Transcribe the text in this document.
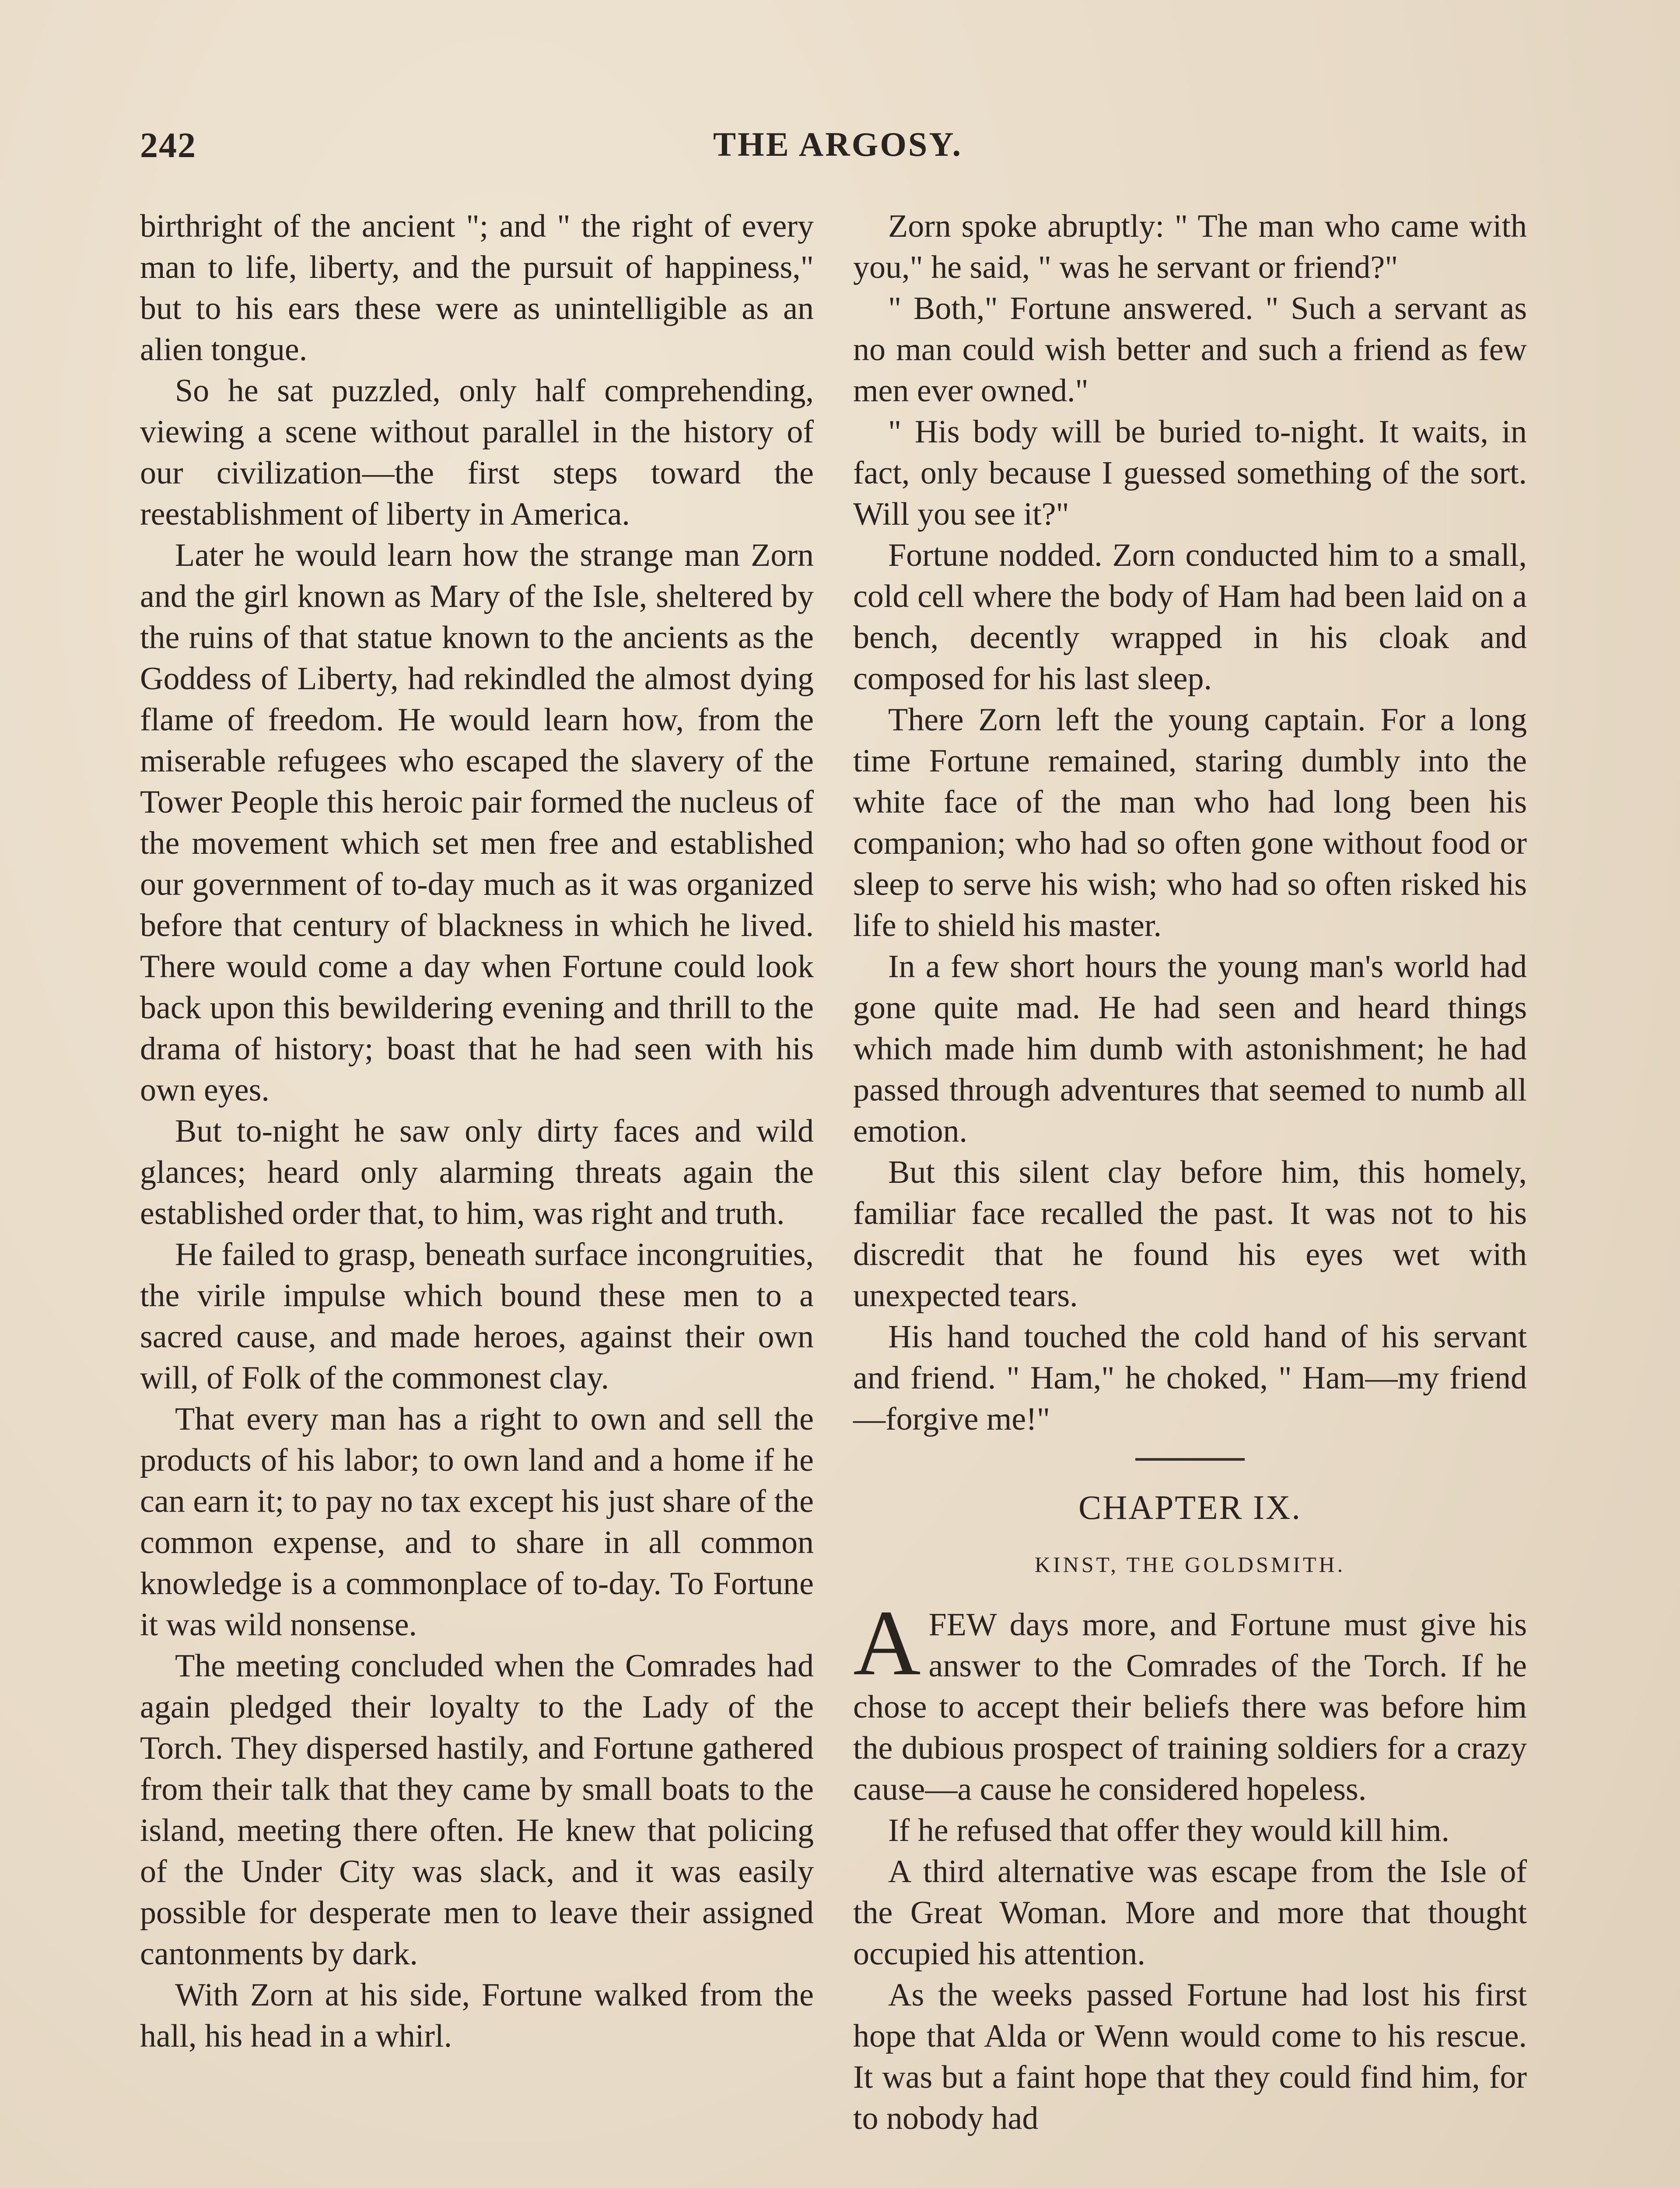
242	THE ARGOSY.

birthright of the ancient "; and " the right of every man to life, liberty, and the pursuit of happiness," but to his ears these were as unintelligible as an alien tongue.

So he sat puzzled, only half comprehending, viewing a scene without parallel in the history of our civilization—the first steps toward the reestablishment of liberty in America.

Later he would learn how the strange man Zorn and the girl known as Mary of the Isle, sheltered by the ruins of that statue known to the ancients as the Goddess of Liberty, had rekindled the almost dying flame of freedom. He would learn how, from the miserable refugees who escaped the slavery of the Tower People this heroic pair formed the nucleus of the movement which set men free and established our government of to-day much as it was organized before that century of blackness in which he lived. There would come a day when Fortune could look back upon this bewildering evening and thrill to the drama of history; boast that he had seen with his own eyes.

But to-night he saw only dirty faces and wild glances; heard only alarming threats again the established order that, to him, was right and truth.

He failed to grasp, beneath surface incongruities, the virile impulse which bound these men to a sacred cause, and made heroes, against their own will, of Folk of the commonest clay.

That every man has a right to own and sell the products of his labor; to own land and a home if he can earn it; to pay no tax except his just share of the common expense, and to share in all common knowledge is a commonplace of to-day. To Fortune it was wild nonsense.

The meeting concluded when the Comrades had again pledged their loyalty to the Lady of the Torch. They dispersed hastily, and Fortune gathered from their talk that they came by small boats to the island, meeting there often. He knew that policing of the Under City was slack, and it was easily possible for desperate men to leave their assigned cantonments by dark.

With Zorn at his side, Fortune walked from the hall, his head in a whirl.

Zorn spoke abruptly: " The man who came with you," he said, " was he servant or friend?"

" Both," Fortune answered. " Such a servant as no man could wish better and such a friend as few men ever owned."

" His body will be buried to-night. It waits, in fact, only because I guessed something of the sort. Will you see it?"

Fortune nodded. Zorn conducted him to a small, cold cell where the body of Ham had been laid on a bench, decently wrapped in his cloak and composed for his last sleep.

There Zorn left the young captain. For a long time Fortune remained, staring dumbly into the white face of the man who had long been his companion; who had so often gone without food or sleep to serve his wish; who had so often risked his life to shield his master.

In a few short hours the young man's world had gone quite mad. He had seen and heard things which made him dumb with astonishment; he had passed through adventures that seemed to numb all emotion.

But this silent clay before him, this homely, familiar face recalled the past. It was not to his discredit that he found his eyes wet with unexpected tears.

His hand touched the cold hand of his servant and friend. " Ham," he choked, " Ham—my friend—forgive me!"

CHAPTER IX.
KINST, THE GOLDSMITH.

AFEW days more, and Fortune must give his answer to the Comrades of the Torch. If he chose to accept their beliefs there was before him the dubious prospect of training soldiers for a crazy cause—a cause he considered hopeless.

If he refused that offer they would kill him.

A third alternative was escape from the Isle of the Great Woman. More and more that thought occupied his attention.

As the weeks passed Fortune had lost his first hope that Alda or Wenn would come to his rescue. It was but a faint hope that they could find him, for to nobody had
